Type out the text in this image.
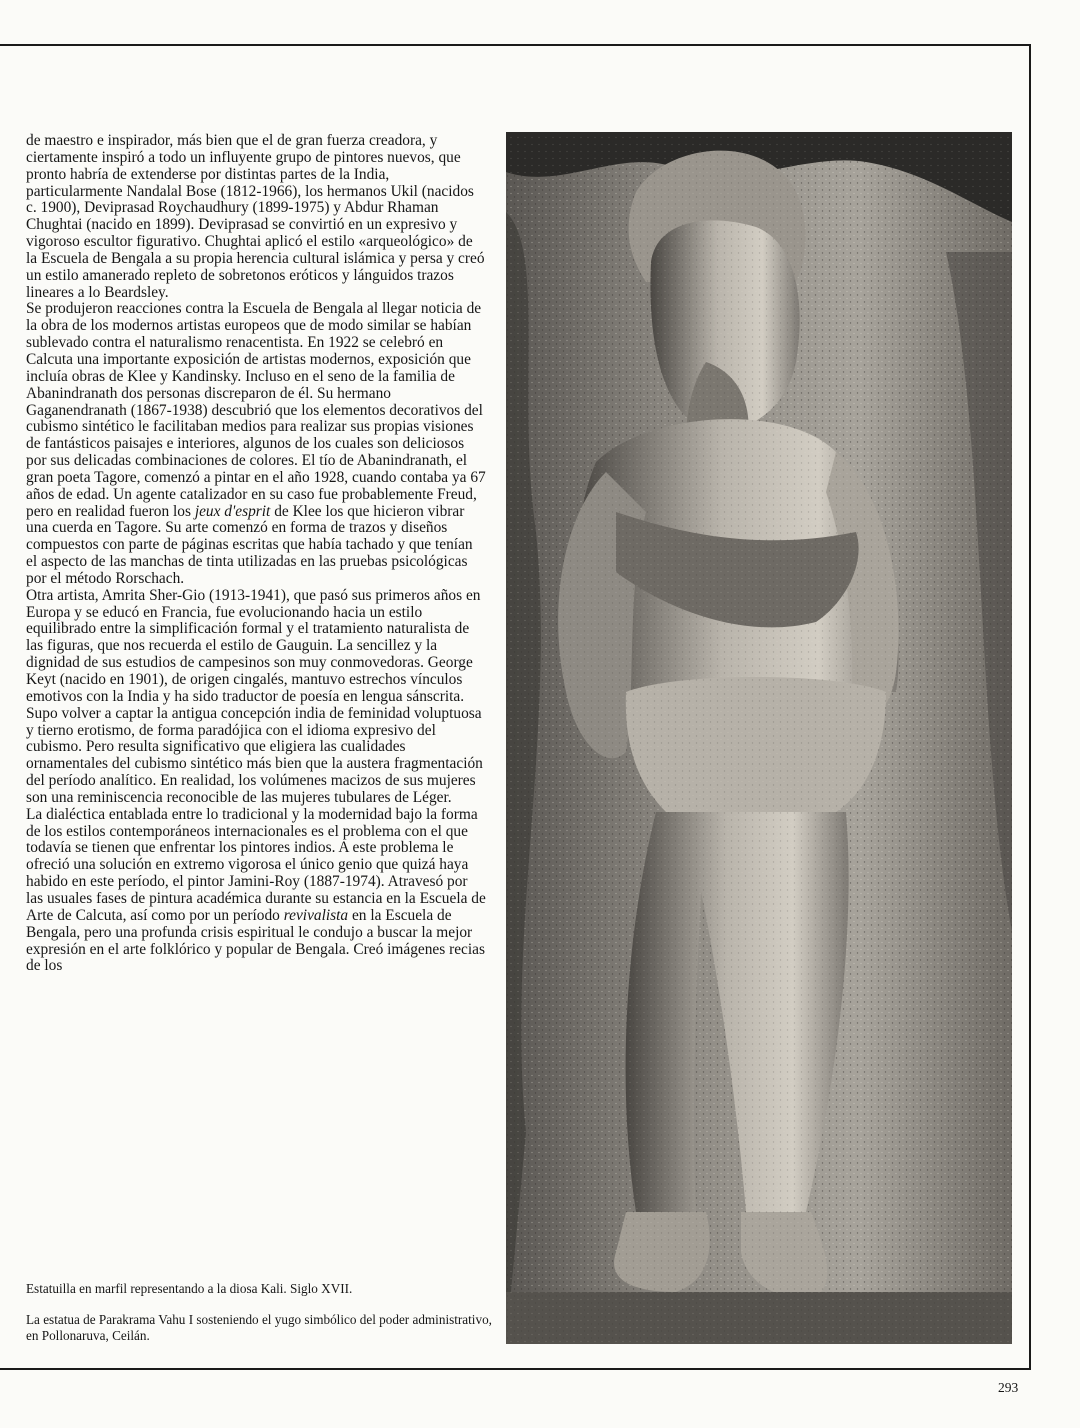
de maestro e inspirador, más bien que el de gran fuerza creadora, y ciertamente inspiró a todo un influyente grupo de pintores nuevos, que pronto habría de extenderse por distintas partes de la India, particularmente Nandalal Bose (1812-1966), los hermanos Ukil (nacidos c. 1900), Deviprasad Roychaudhury (1899-1975) y Abdur Rhaman Chughtai (nacido en 1899). Deviprasad se convirtió en un expresivo y vigoroso escultor figurativo. Chughtai aplicó el estilo «arqueológico» de la Escuela de Bengala a su propia herencia cultural islámica y persa y creó un estilo amanerado repleto de sobretonos eróticos y lánguidos trazos lineares a lo Beardsley.

Se produjeron reacciones contra la Escuela de Bengala al llegar noticia de la obra de los modernos artistas europeos que de modo similar se habían sublevado contra el naturalismo renacentista. En 1922 se celebró en Calcuta una importante exposición de artistas modernos, exposición que incluía obras de Klee y Kandinsky. Incluso en el seno de la familia de Abanindranath dos personas discreparon de él. Su hermano Gaganendranath (1867-1938) descubrió que los elementos decorativos del cubismo sintético le facilitaban medios para realizar sus propias visiones de fantásticos paisajes e interiores, algunos de los cuales son deliciosos por sus delicadas combinaciones de colores. El tío de Abanindranath, el gran poeta Tagore, comenzó a pintar en el año 1928, cuando contaba ya 67 años de edad. Un agente catalizador en su caso fue probablemente Freud, pero en realidad fueron los jeux d'esprit de Klee los que hicieron vibrar una cuerda en Tagore. Su arte comenzó en forma de trazos y diseños compuestos con parte de páginas escritas que había tachado y que tenían el aspecto de las manchas de tinta utilizadas en las pruebas psicológicas por el método Rorschach.

Otra artista, Amrita Sher-Gio (1913-1941), que pasó sus primeros años en Europa y se educó en Francia, fue evolucionando hacia un estilo equilibrado entre la simplificación formal y el tratamiento naturalista de las figuras, que nos recuerda el estilo de Gauguin. La sencillez y la dignidad de sus estudios de campesinos son muy conmovedoras. George Keyt (nacido en 1901), de origen cingalés, mantuvo estrechos vínculos emotivos con la India y ha sido traductor de poesía en lengua sánscrita. Supo volver a captar la antigua concepción india de feminidad voluptuosa y tierno erotismo, de forma paradójica con el idioma expresivo del cubismo. Pero resulta significativo que eligiera las cualidades ornamentales del cubismo sintético más bien que la austera fragmentación del período analítico. En realidad, los volúmenes macizos de sus mujeres son una reminiscencia reconocible de las mujeres tubulares de Léger.

La dialéctica entablada entre lo tradicional y la modernidad bajo la forma de los estilos contemporáneos internacionales es el problema con el que todavía se tienen que enfrentar los pintores indios. A este problema le ofreció una solución en extremo vigorosa el único genio que quizá haya habido en este período, el pintor Jamini-Roy (1887-1974). Atravesó por las usuales fases de pintura académica durante su estancia en la Escuela de Arte de Calcuta, así como por un período revivalista en la Escuela de Bengala, pero una profunda crisis espiritual le condujo a buscar la mejor expresión en el arte folklórico y popular de Bengala. Creó imágenes recias de los

Estatuilla en marfil representando a la diosa Kali. Siglo XVII.

La estatua de Parakrama Vahu I sosteniendo el yugo simbólico del poder administrativo, en Pollonaruva, Ceilán.

293
